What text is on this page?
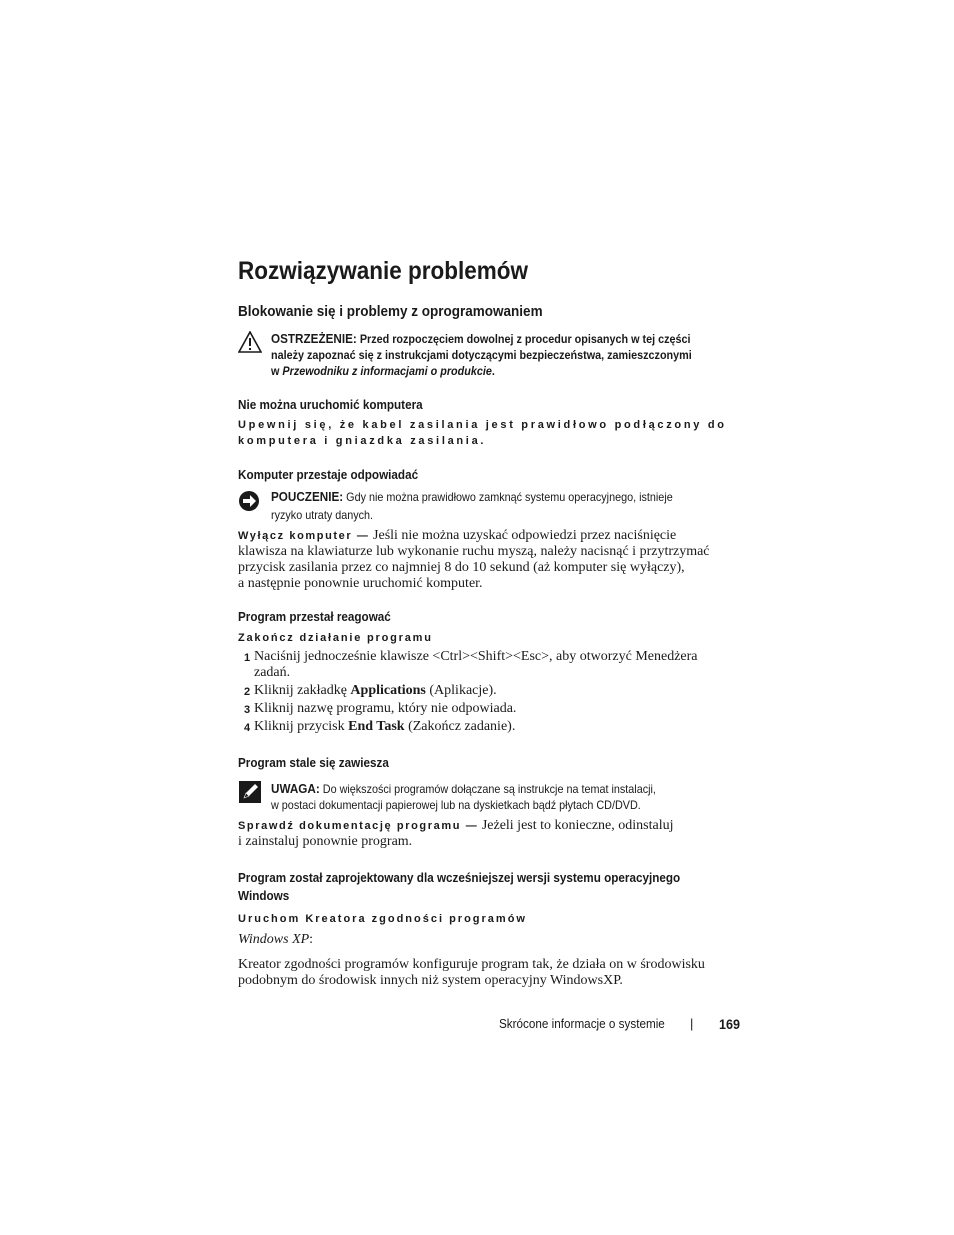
Rozwiązywanie problemów
Blokowanie się i problemy z oprogramowaniem
OSTRZEŻENIE: Przed rozpoczęciem dowolnej z procedur opisanych w tej części
należy zapoznać się z instrukcjami dotyczącymi bezpieczeństwa, zamieszczonymi
w Przewodniku z informacjami o produkcie.
Nie można uruchomić komputera
Upewnij się, że kabel zasilania jest prawidłowo podłączony do
komputera i gniazdka zasilania.
Komputer przestaje odpowiadać
POUCZENIE: Gdy nie można prawidłowo zamknąć systemu operacyjnego, istnieje
ryzyko utraty danych.
Wyłącz komputer — Jeśli nie można uzyskać odpowiedzi przez naciśnięcie
klawisza na klawiaturze lub wykonanie ruchu myszą, należy nacisnąć i przytrzymać
przycisk zasilania przez co najmniej 8 do 10 sekund (aż komputer się wyłączy),
a następnie ponownie uruchomić komputer.
Program przestał reagować
Zakończ działanie programu
1 Naciśnij jednocześnie klawisze <Ctrl><Shift><Esc>, aby otworzyć Menedżera
zadań.
2 Kliknij zakładkę Applications (Aplikacje).
3 Kliknij nazwę programu, który nie odpowiada.
4 Kliknij przycisk End Task (Zakończ zadanie).
Program stale się zawiesza
UWAGA: Do większości programów dołączane są instrukcje na temat instalacji,
w postaci dokumentacji papierowej lub na dyskietkach bądź płytach CD/DVD.
Sprawdź dokumentację programu — Jeżeli jest to konieczne, odinstaluj
i zainstaluj ponownie program.
Program został zaprojektowany dla wcześniejszej wersji systemu operacyjnego
Windows
Uruchom Kreatora zgodności programów
Windows XP:
Kreator zgodności programów konfiguruje program tak, że działa on w środowisku
podobnym do środowisk innych niż system operacyjny WindowsXP.
Skrócone informacje o systemie	| 169
